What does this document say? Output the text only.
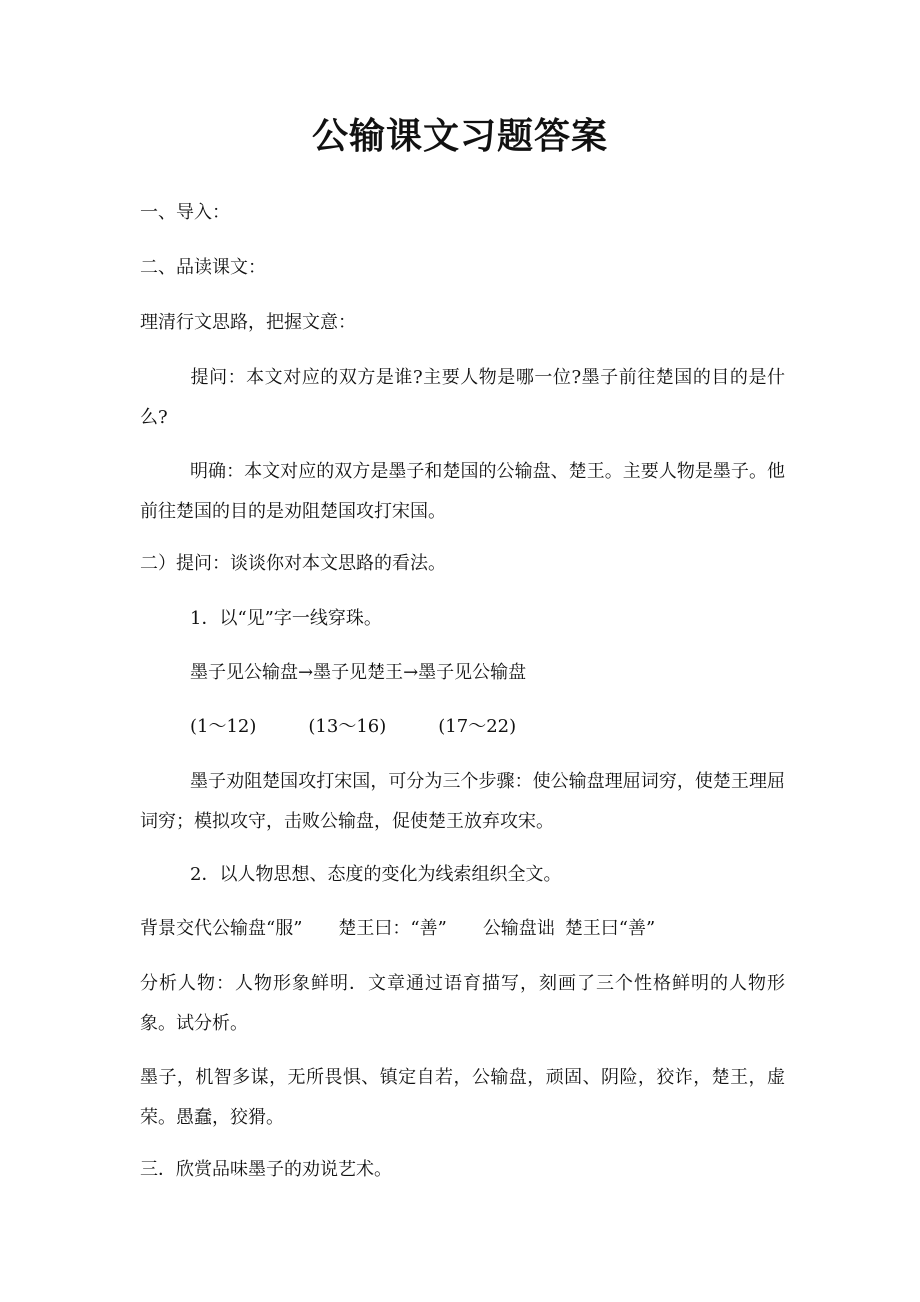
公输课文习题答案
一、导入：
二、品读课文：
理清行文思路，把握文意：
提问：本文对应的双方是谁?主要人物是哪一位?墨子前往楚国的目的是什么?
明确：本文对应的双方是墨子和楚国的公输盘、楚王。主要人物是墨子。他前往楚国的目的是劝阻楚国攻打宋国。
二）提问：谈谈你对本文思路的看法。
1．以“见”字一线穿珠。
墨子见公输盘→墨子见楚王→墨子见公输盘
(1～12)	(13～16)	(17～22)
墨子劝阻楚国攻打宋国，可分为三个步骤：使公输盘理屈词穷，使楚王理屈词穷；模拟攻守，击败公输盘，促使楚王放弃攻宋。
2．以人物思想、态度的变化为线索组织全文。
背景交代公输盘“服” 楚王曰：“善” 公输盘诎 楚王曰“善”
分析人物：人物形象鲜明．文章通过语育描写，刻画了三个性格鲜明的人物形象。试分析。
墨子，机智多谋，无所畏惧、镇定自若，公输盘，顽固、阴险，狡诈，楚王，虚荣。愚蠢，狡猾。
三．欣赏品味墨子的劝说艺术。
